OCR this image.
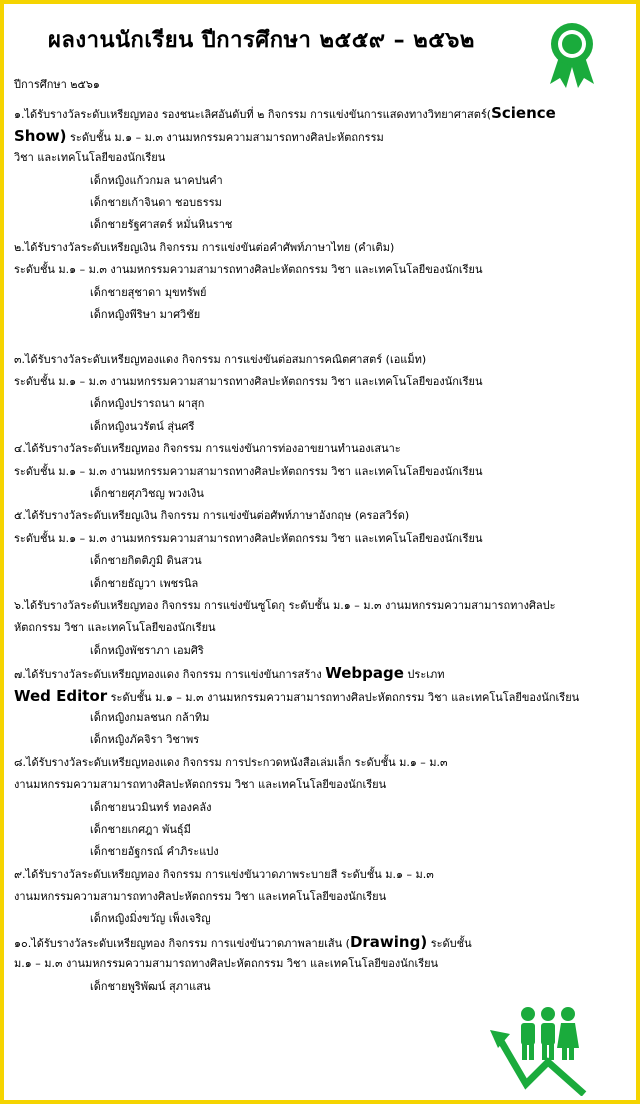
ผลงานนักเรียน ปีการศึกษา ๒๕๕๙ – ๒๕๖๒
ปีการศึกษา ๒๕๖๑
๑.ได้รับรางวัลระดับเหรียญทอง รองชนะเลิศอันดับที่ ๒ กิจกรรม การแข่งขันการแสดงทางวิทยาศาสตร์(Science
Show) ระดับชั้น ม.๑ – ม.๓ งานมหกรรมความสามารถทางศิลปะหัตถกรรม
วิชา และเทคโนโลยีของนักเรียน
เด็กหญิงแก้วกมล นาคปนคำ
เด็กชายเก้าจินดา ชอบธรรม
เด็กชายรัฐศาสตร์ หมั่นหินราช
๒.ได้รับรางวัลระดับเหรียญเงิน กิจกรรม การแข่งขันต่อคำศัพท์ภาษาไทย (คำเติม)
ระดับชั้น ม.๑ – ม.๓ งานมหกรรมความสามารถทางศิลปะหัตถกรรม วิชา และเทคโนโลยีของนักเรียน
เด็กชายสุชาดา มุขทรัพย์
เด็กหญิงพีริษา มาศวิชัย
๓.ได้รับรางวัลระดับเหรียญทองแดง กิจกรรม การแข่งขันต่อสมการคณิตศาสตร์ (เอแม็ท)
ระดับชั้น ม.๑ – ม.๓ งานมหกรรมความสามารถทางศิลปะหัตถกรรม วิชา และเทคโนโลยีของนักเรียน
เด็กหญิงปรารถนา ผาสุก
เด็กหญิงนวรัตน์ สุ่นศรี
๔.ได้รับรางวัลระดับเหรียญทอง กิจกรรม การแข่งขันการท่องอาขยานทำนองเสนาะ
ระดับชั้น ม.๑ – ม.๓ งานมหกรรมความสามารถทางศิลปะหัตถกรรม วิชา และเทคโนโลยีของนักเรียน
เด็กชายศุภวิชญ พวงเงิน
๕.ได้รับรางวัลระดับเหรียญเงิน กิจกรรม การแข่งขันต่อศัพท์ภาษาอังกฤษ (ครอสวิร์ด)
ระดับชั้น ม.๑ – ม.๓ งานมหกรรมความสามารถทางศิลปะหัตถกรรม วิชา และเทคโนโลยีของนักเรียน
เด็กชายกิตติภูมิ ดินสวน
เด็กชายธัญวา เพชรนิล
๖.ได้รับรางวัลระดับเหรียญทอง กิจกรรม การแข่งขันซูโดกุ ระดับชั้น ม.๑ – ม.๓ งานมหกรรมความสามารถทางศิลปะ
หัตถกรรม วิชา และเทคโนโลยีของนักเรียน
เด็กหญิงพัชราภา เอมศิริ
๗.ได้รับรางวัลระดับเหรียญทองแดง กิจกรรม การแข่งขันการสร้าง Webpage ประเภท
Wed Editor ระดับชั้น ม.๑ – ม.๓ งานมหกรรมความสามารถทางศิลปะหัตถกรรม วิชา และเทคโนโลยีของนักเรียน
เด็กหญิงกมลชนก กล้าทิม
เด็กหญิงภัคจิรา วิชาพร
๘.ได้รับรางวัลระดับเหรียญทองแดง กิจกรรม การประกวดหนังสือเล่มเล็ก ระดับชั้น ม.๑ – ม.๓
งานมหกรรมความสามารถทางศิลปะหัตถกรรม วิชา และเทคโนโลยีของนักเรียน
เด็กชายนวมินทร์ ทองคลัง
เด็กชายเกศฎา พันธุ์มี
เด็กชายอัฐกรณ์ คำภิระแปง
๙.ได้รับรางวัลระดับเหรียญทอง กิจกรรม การแข่งขันวาดภาพระบายสี ระดับชั้น ม.๑ – ม.๓
งานมหกรรมความสามารถทางศิลปะหัตถกรรม วิชา และเทคโนโลยีของนักเรียน
เด็กหญิงมิ่งขวัญ เพ็งเจริญ
๑๐.ได้รับรางวัลระดับเหรียญทอง กิจกรรม การแข่งขันวาดภาพลายเส้น (Drawing) ระดับชั้น
ม.๑ – ม.๓ งานมหกรรมความสามารถทางศิลปะหัตถกรรม วิชา และเทคโนโลยีของนักเรียน
เด็กชายพูริพัฒน์ สุภาแสน
